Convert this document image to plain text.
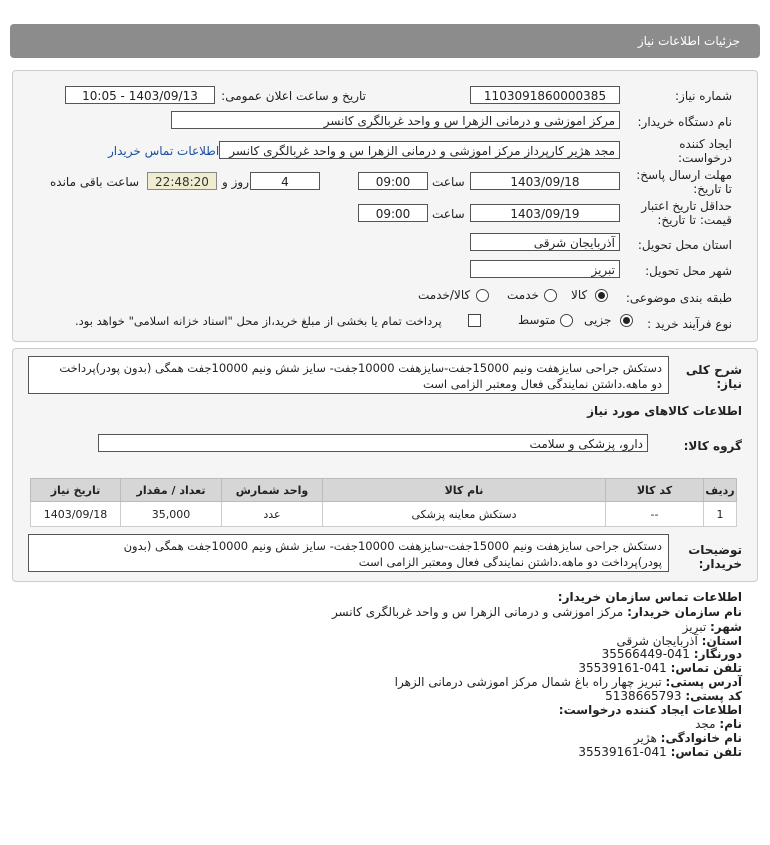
جزئیات اطلاعات نیاز
شماره نیاز:
1103091860000385
تاریخ و ساعت اعلان عمومی:
1403/09/13 - 10:05
نام دستگاه خریدار:
مرکز اموزشی و درمانی الزهرا س و واحد غربالگری کانسر
ایجاد کننده
درخواست:
مجد هژیر کارپرداز مرکز اموزشی و درمانی الزهرا س و واحد غربالگری کانسر
اطلاعات تماس خریدار
مهلت ارسال پاسخ:
تا تاریخ:
1403/09/18
ساعت
09:00
4
روز و
22:48:20
ساعت باقی مانده
حداقل تاریخ اعتبار
قیمت: تا تاریخ:
1403/09/19
ساعت
09:00
استان محل تحویل:
آذربایجان شرقی
شهر محل تحویل:
تبریز
طبقه بندی موضوعی:
کالا
خدمت
کالا/خدمت
نوع فرآیند خرید :
جزیی
متوسط
پرداخت تمام یا بخشی از مبلغ خرید،از محل "اسناد خزانه اسلامی" خواهد بود.
شرح کلی
نیاز:
دستکش جراحی سایزهفت ونیم 15000جفت-سایزهفت 10000جفت- سایز شش ونیم 10000جفت همگی (بدون پودر)پرداخت
دو ماهه.داشتن نمایندگی فعال ومعتبر الزامی است
اطلاعات کالاهای مورد نیاز
گروه کالا:
دارو، پزشکی و سلامت
ردیف	کد کالا	نام کالا	واحد شمارش	تعداد / مقدار	تاریخ نیاز
1	--	دستکش معاینه پزشکی	عدد	35,000	1403/09/18
توضیحات
خریدار:
دستکش جراحی سایزهفت ونیم 15000جفت-سایزهفت 10000جفت- سایز شش ونیم 10000جفت همگی (بدون
پودر)پرداخت دو ماهه.داشتن نمایندگی فعال ومعتبر الزامی است
اطلاعات تماس سازمان خریدار:
نام سازمان خریدار: مرکز اموزشی و درمانی الزهرا س و واحد غربالگری کانسر
شهر: تبریز
استان: آذربایجان شرقی
دورنگار: 041-35566449
تلفن تماس: 041-35539161
آدرس پستی: تبریز چهار راه باغ شمال مرکز اموزشی درمانی الزهرا
کد پستی: 5138665793
اطلاعات ایجاد کننده درخواست:
نام: مجد
نام خانوادگی: هژیر
تلفن تماس: 041-35539161
